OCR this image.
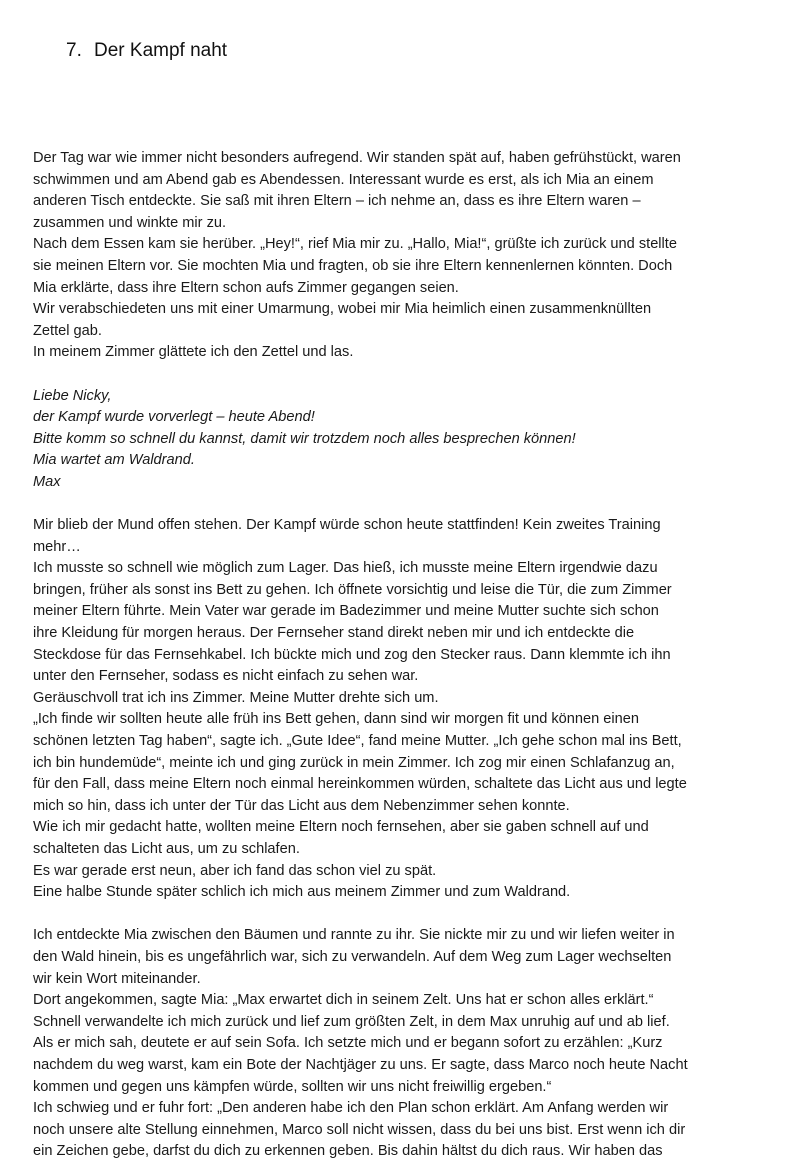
7. Der Kampf naht
Der Tag war wie immer nicht besonders aufregend. Wir standen spät auf, haben gefrühstückt, waren
schwimmen und am Abend gab es Abendessen. Interessant wurde es erst, als ich Mia an einem
anderen Tisch entdeckte. Sie saß mit ihren Eltern – ich nehme an, dass es ihre Eltern waren –
zusammen und winkte mir zu.
Nach dem Essen kam sie herüber. „Hey!“, rief Mia mir zu. „Hallo, Mia!“, grüßte ich zurück und stellte
sie meinen Eltern vor. Sie mochten Mia und fragten, ob sie ihre Eltern kennenlernen könnten. Doch
Mia erklärte, dass ihre Eltern schon aufs Zimmer gegangen seien.
Wir verabschiedeten uns mit einer Umarmung, wobei mir Mia heimlich einen zusammenknüllten
Zettel gab.
In meinem Zimmer glättete ich den Zettel und las.
Liebe Nicky,
der Kampf wurde vorverlegt – heute Abend!
Bitte komm so schnell du kannst, damit wir trotzdem noch alles besprechen können!
Mia wartet am Waldrand.
Max
Mir blieb der Mund offen stehen. Der Kampf würde schon heute stattfinden! Kein zweites Training
mehr…
Ich musste so schnell wie möglich zum Lager. Das hieß, ich musste meine Eltern irgendwie dazu
bringen, früher als sonst ins Bett zu gehen. Ich öffnete vorsichtig und leise die Tür, die zum Zimmer
meiner Eltern führte. Mein Vater war gerade im Badezimmer und meine Mutter suchte sich schon
ihre Kleidung für morgen heraus. Der Fernseher stand direkt neben mir und ich entdeckte die
Steckdose für das Fernsehkabel. Ich bückte mich und zog den Stecker raus. Dann klemmte ich ihn
unter den Fernseher, sodass es nicht einfach zu sehen war.
Geräuschvoll trat ich ins Zimmer. Meine Mutter drehte sich um.
„Ich finde wir sollten heute alle früh ins Bett gehen, dann sind wir morgen fit und können einen
schönen letzten Tag haben“, sagte ich. „Gute Idee“, fand meine Mutter. „Ich gehe schon mal ins Bett,
ich bin hundemüde“, meinte ich und ging zurück in mein Zimmer. Ich zog mir einen Schlafanzug an,
für den Fall, dass meine Eltern noch einmal hereinkommen würden, schaltete das Licht aus und legte
mich so hin, dass ich unter der Tür das Licht aus dem Nebenzimmer sehen konnte.
Wie ich mir gedacht hatte, wollten meine Eltern noch fernsehen, aber sie gaben schnell auf und
schalteten das Licht aus, um zu schlafen.
Es war gerade erst neun, aber ich fand das schon viel zu spät.
Eine halbe Stunde später schlich ich mich aus meinem Zimmer und zum Waldrand.
Ich entdeckte Mia zwischen den Bäumen und rannte zu ihr. Sie nickte mir zu und wir liefen weiter in
den Wald hinein, bis es ungefährlich war, sich zu verwandeln. Auf dem Weg zum Lager wechselten
wir kein Wort miteinander.
Dort angekommen, sagte Mia: „Max erwartet dich in seinem Zelt. Uns hat er schon alles erklärt.“
Schnell verwandelte ich mich zurück und lief zum größten Zelt, in dem Max unruhig auf und ab lief.
Als er mich sah, deutete er auf sein Sofa. Ich setzte mich und er begann sofort zu erzählen: „Kurz
nachdem du weg warst, kam ein Bote der Nachtjäger zu uns. Er sagte, dass Marco noch heute Nacht
kommen und gegen uns kämpfen würde, sollten wir uns nicht freiwillig ergeben.“
Ich schwieg und er fuhr fort: „Den anderen habe ich den Plan schon erklärt. Am Anfang werden wir
noch unsere alte Stellung einnehmen, Marco soll nicht wissen, dass du bei uns bist. Erst wenn ich dir
ein Zeichen gebe, darfst du dich zu erkennen geben. Bis dahin hältst du dich raus. Wir haben das
